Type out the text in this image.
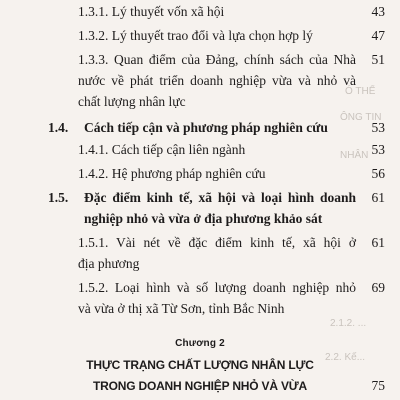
Ó THỂ
ÔNG TIN
NHÂN
2.1.2. ...
2.2. Kế...
1.3.1. Lý thuyết vốn xã hội	43
1.3.2. Lý thuyết trao đổi và lựa chọn hợp lý	47
1.3.3. Quan điểm của Đảng, chính sách của Nhà 51
nước về phát triển doanh nghiệp vừa và nhỏ và
chất lượng nhân lực
1.4. Cách tiếp cận và phương pháp nghiên cứu	53
1.4.1. Cách tiếp cận liên ngành	53
1.4.2. Hệ phương pháp nghiên cứu	56
1.5. Đặc điểm kinh tế, xã hội và loại hình doanh 61
nghiệp nhỏ và vừa ở địa phương khảo sát
1.5.1. Vài nét về đặc điểm kinh tế, xã hội ở 61
địa phương
1.5.2. Loại hình và số lượng doanh nghiệp nhỏ 69
và vừa ở thị xã Từ Sơn, tỉnh Bắc Ninh
Chương 2
THỰC TRẠNG CHẤT LƯỢNG NHÂN LỰC
TRONG DOANH NGHIỆP NHỎ VÀ VỪA	75
